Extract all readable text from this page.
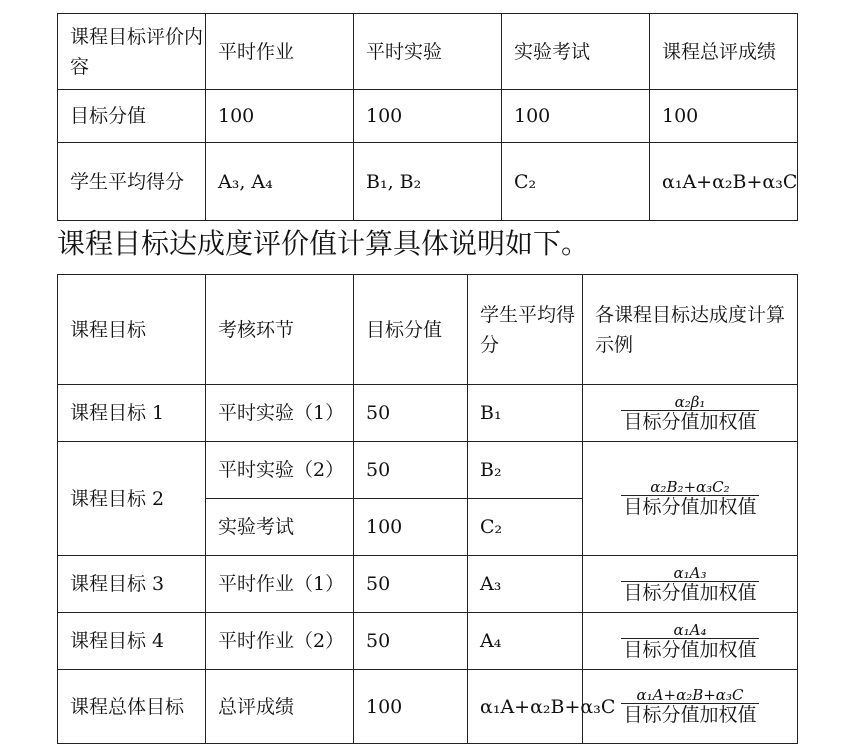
课程目标评价内容	平时作业	平时实验	实验考试	课程总评成绩
目标分值	100	100	100	100
学生平均得分	A₃, A₄	B₁, B₂	C₂	α₁A+α₂B+α₃C
课程目标达成度评价值计算具体说明如下。
课程目标	考核环节	目标分值	学生平均得分	各课程目标达成度计算示例
课程目标 1	平时实验（1）	50	B₁	$\frac{\text{α₂β₁}}{\text{目标分值加权值}}$

课程目标 2	平时实验（2）	50	B₂	$\frac{\text{α₂B₂+α₃C₂}}{\text{目标分值加权值}}$

	实验考试	100	C₂	
课程目标 3	平时作业（1）	50	A₃	$\frac{\text{α₁A₃}}{\text{目标分值加权值}}$

课程目标 4	平时作业（2）	50	A₄	$\frac{\text{α₁A₄}}{\text{目标分值加权值}}$

课程总体目标	总评成绩	100	α₁A+α₂B+α₃C	$\frac{\text{α₁A+α₂B+α₃C}}{\text{目标分值加权值}}$
